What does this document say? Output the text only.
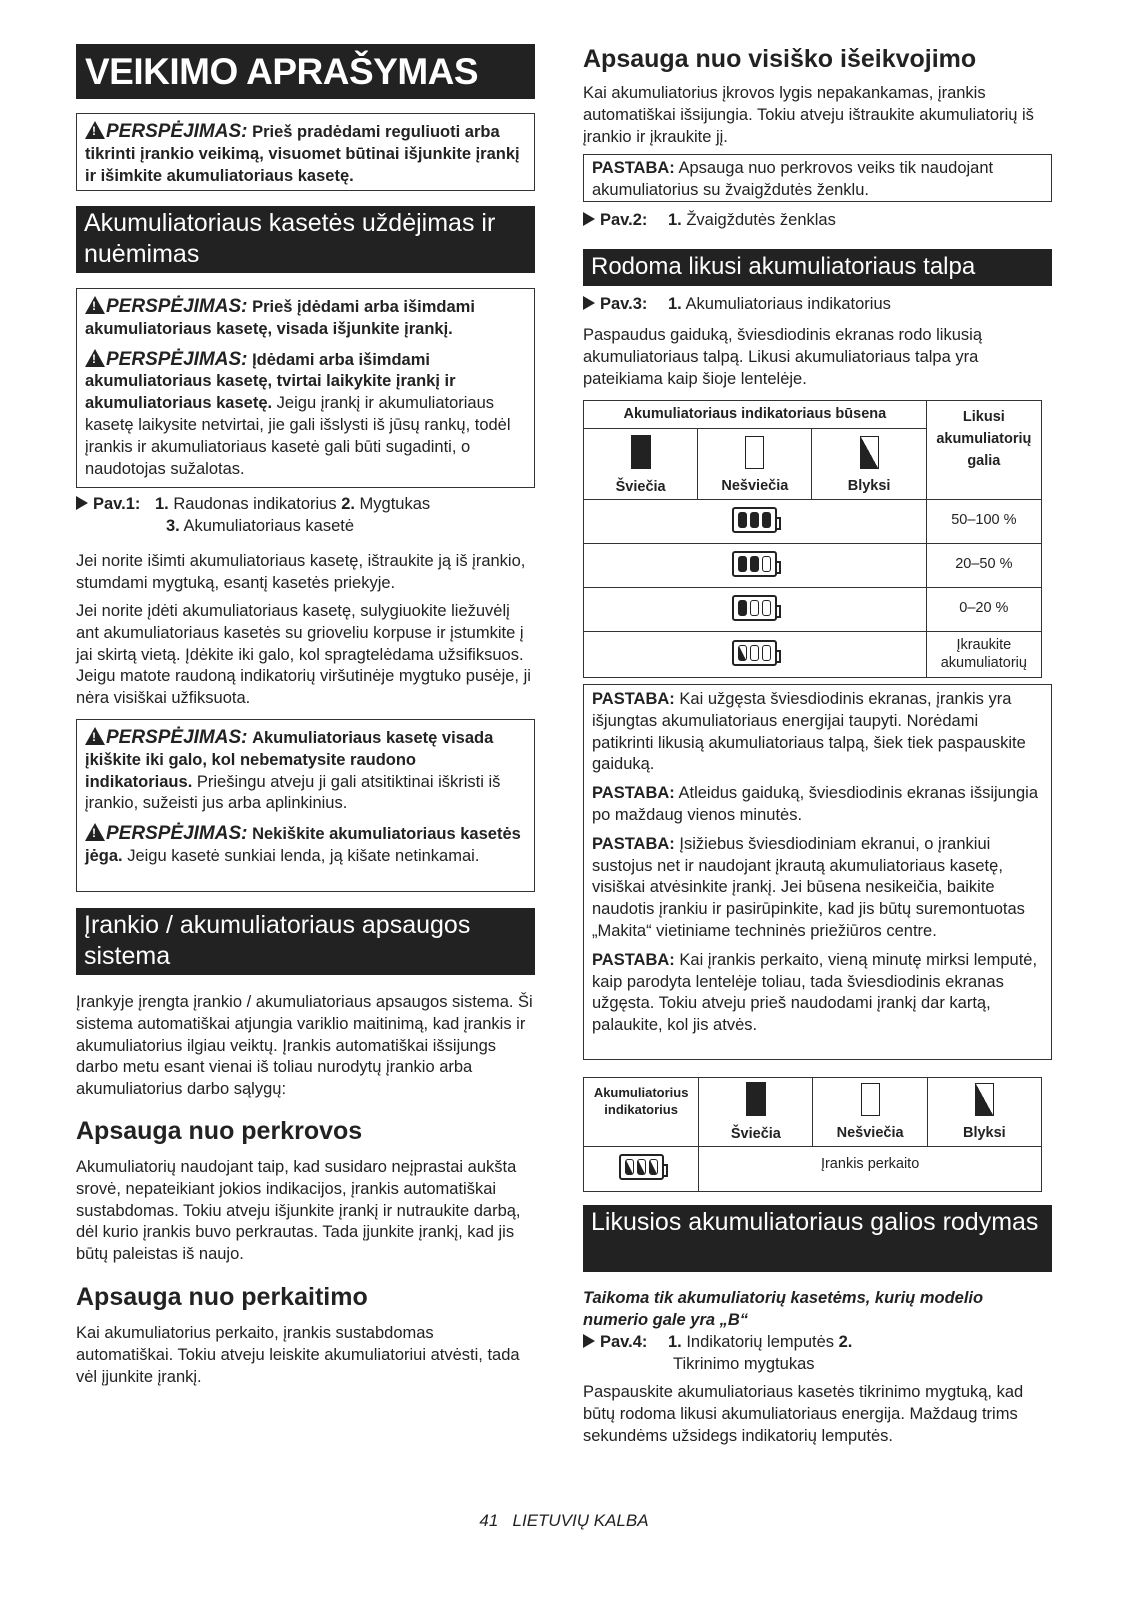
VEIKIMO APRAŠYMAS

!PERSPĖJIMAS: Prieš pradėdami reguliuoti arba tikrinti įrankio veikimą, visuomet būtinai išjunkite įrankį ir išimkite akumuliatoriaus kasetę.

Akumuliatoriaus kasetės uždėjimas ir nuėmimas

!PERSPĖJIMAS: Prieš įdėdami arba išimdami akumuliatoriaus kasetę, visada išjunkite įrankį.

!PERSPĖJIMAS: Įdėdami arba išimdami akumuliatoriaus kasetę, tvirtai laikykite įrankį ir akumuliatoriaus kasetę. Jeigu įrankį ir akumuliatoriaus kasetę laikysite netvirtai, jie gali išslysti iš jūsų rankų, todėl įrankis ir akumuliatoriaus kasetė gali būti sugadinti, o naudotojas sužalotas.

Pav.1: 1. Raudonas indikatorius 2. Mygtukas
3. Akumuliatoriaus kasetė

Jei norite išimti akumuliatoriaus kasetę, ištraukite ją iš įrankio, stumdami mygtuką, esantį kasetės priekyje.

Jei norite įdėti akumuliatoriaus kasetę, sulygiuokite liežuvėlį ant akumuliatoriaus kasetės su grioveliu korpuse ir įstumkite į jai skirtą vietą. Įdėkite iki galo, kol spragtelėdama užsifiksuos. Jeigu matote raudoną indikatorių viršutinėje mygtuko pusėje, ji nėra visiškai užfiksuota.

!PERSPĖJIMAS: Akumuliatoriaus kasetę visada įkiškite iki galo, kol nebematysite raudono indikatoriaus. Priešingu atveju ji gali atsitiktinai iškristi iš įrankio, sužeisti jus arba aplinkinius.

!PERSPĖJIMAS: Nekiškite akumuliatoriaus kasetės jėga. Jeigu kasetė sunkiai lenda, ją kišate netinkamai.

Įrankio / akumuliatoriaus apsaugos sistema

Įrankyje įrengta įrankio / akumuliatoriaus apsaugos sistema. Ši sistema automatiškai atjungia variklio maitinimą, kad įrankis ir akumuliatorius ilgiau veiktų. Įrankis automatiškai išsijungs darbo metu esant vienai iš toliau nurodytų įrankio arba akumuliatorius darbo sąlygų:

Apsauga nuo perkrovos

Akumuliatorių naudojant taip, kad susidaro neįprastai aukšta srovė, nepateikiant jokios indikacijos, įrankis automatiškai sustabdomas. Tokiu atveju išjunkite įrankį ir nutraukite darbą, dėl kurio įrankis buvo perkrautas. Tada įjunkite įrankį, kad jis būtų paleistas iš naujo.

Apsauga nuo perkaitimo

Kai akumuliatorius perkaito, įrankis sustabdomas automatiškai. Tokiu atveju leiskite akumuliatoriui atvėsti, tada vėl įjunkite įrankį.

Apsauga nuo visiško išeikvojimo

Kai akumuliatorius įkrovos lygis nepakankamas, įrankis automatiškai išsijungia. Tokiu atveju ištraukite akumuliatorių iš įrankio ir įkraukite jį.

PASTABA: Apsauga nuo perkrovos veiks tik naudojant akumuliatorius su žvaigždutės ženklu.
Pav.2: 1. Žvaigždutės ženklas
Rodoma likusi akumuliatoriaus talpa
Pav.3: 1. Akumuliatoriaus indikatorius

Paspaudus gaiduką, šviesdiodinis ekranas rodo likusią akumuliatoriaus talpą. Likusi akumuliatoriaus talpa yra pateikiama kaip šioje lentelėje.

Akumuliatoriaus indikatoriaus būsena			Likusi akumuliatorių galia

Šviečia	Nešviečia	Blyksi	

			50–100 %

			20–50 %

			0–20 %

			Įkraukite akumuliatorių

PASTABA: Kai užgęsta šviesdiodinis ekranas, įrankis yra išjungtas akumuliatoriaus energijai taupyti. Norėdami patikrinti likusią akumuliatoriaus talpą, šiek tiek paspauskite gaiduką.

PASTABA: Atleidus gaiduką, šviesdiodinis ekranas išsijungia po maždaug vienos minutės.

PASTABA: Įsižiebus šviesdiodiniam ekranui, o įrankiui sustojus net ir naudojant įkrautą akumuliatoriaus kasetę, visiškai atvėsinkite įrankį. Jei būsena nesikeičia, baikite naudotis įrankiu ir pasirūpinkite, kad jis būtų suremontuotas „Makita“ vietiniame techninės priežiūros centre.

PASTABA: Kai įrankis perkaito, vieną minutę mirksi lemputė, kaip parodyta lentelėje toliau, tada šviesdiodinis ekranas užgęsta. Tokiu atveju prieš naudodami įrankį dar kartą, palaukite, kol jis atvės.

Akumuliatorius indikatorius	Šviečia	Nešviečia	Blyksi

	Įrankis perkaito		
Likusios akumuliatoriaus galios rodymas

Taikoma tik akumuliatorių kasetėms, kurių modelio numerio gale yra „B“

Pav.4: 1. Indikatorių lemputės 2.
Tikrinimo mygtukas

Paspauskite akumuliatoriaus kasetės tikrinimo mygtuką, kad būtų rodoma likusi akumuliatoriaus energija. Maždaug trims sekundėms užsidegs indikatorių lemputės.

41 LIETUVIŲ KALBA
